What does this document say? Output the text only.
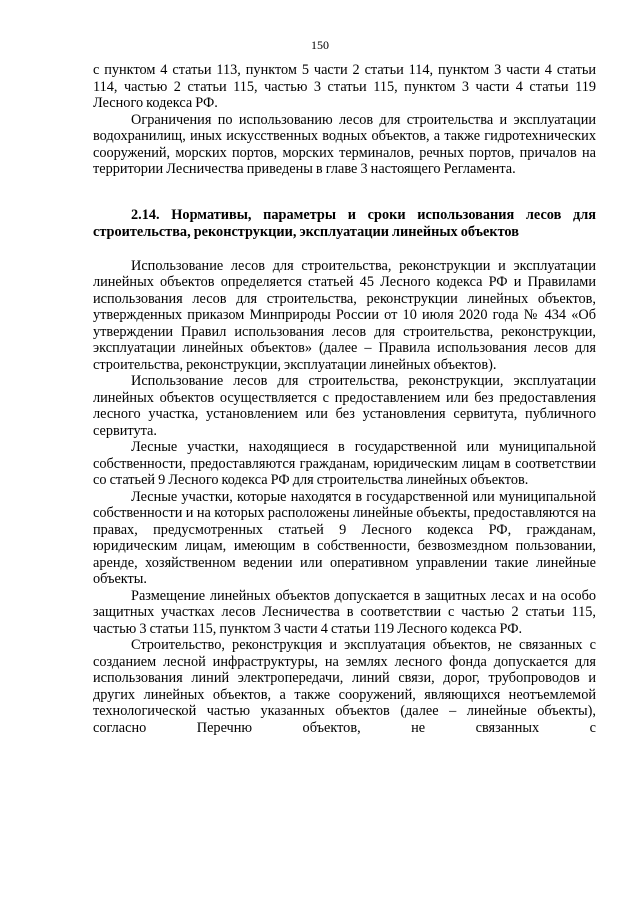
150

с пунктом 4 статьи 113, пунктом 5 части 2 статьи 114, пунктом 3 части 4 статьи 114, частью 2 статьи 115, частью 3 статьи 115, пунктом 3 части 4 статьи 119 Лесного кодекса РФ.

Ограничения по использованию лесов для строительства и эксплуатации водохранилищ, иных искусственных водных объектов, а также гидротехнических сооружений, морских портов, морских терминалов, речных портов, причалов на территории Лесничества приведены в главе 3 настоящего Регламента.

2.14. Нормативы, параметры и сроки использования лесов для строительства, реконструкции, эксплуатации линейных объектов

Использование лесов для строительства, реконструкции и эксплуатации линейных объектов определяется статьей 45 Лесного кодекса РФ и Правилами использования лесов для строительства, реконструкции линейных объектов, утвержденных приказом Минприроды России от 10 июля 2020 года № 434 «Об утверждении Правил использования лесов для строительства, реконструкции, эксплуатации линейных объектов» (далее – Правила использования лесов для строительства, реконструкции, эксплуатации линейных объектов).

Использование лесов для строительства, реконструкции, эксплуатации линейных объектов осуществляется с предоставлением или без предоставления лесного участка, установлением или без установления сервитута, публичного сервитута.

Лесные участки, находящиеся в государственной или муниципальной собственности, предоставляются гражданам, юридическим лицам в соответствии со статьей 9 Лесного кодекса РФ для строительства линейных объектов.

Лесные участки, которые находятся в государственной или муниципальной собственности и на которых расположены линейные объекты, предоставляются на правах, предусмотренных статьей 9 Лесного кодекса РФ, гражданам, юридическим лицам, имеющим в собственности, безвозмездном пользовании, аренде, хозяйственном ведении или оперативном управлении такие линейные объекты.

Размещение линейных объектов допускается в защитных лесах и на особо защитных участках лесов Лесничества в соответствии с частью 2 статьи 115, частью 3 статьи 115, пунктом 3 части 4 статьи 119 Лесного кодекса РФ.

Строительство, реконструкция и эксплуатация объектов, не связанных с созданием лесной инфраструктуры, на землях лесного фонда допускается для использования линий электропередачи, линий связи, дорог, трубопроводов и других линейных объектов, а также сооружений, являющихся неотъемлемой технологической частью указанных объектов (далее – линейные объекты), согласно Перечню объектов, не связанных с
